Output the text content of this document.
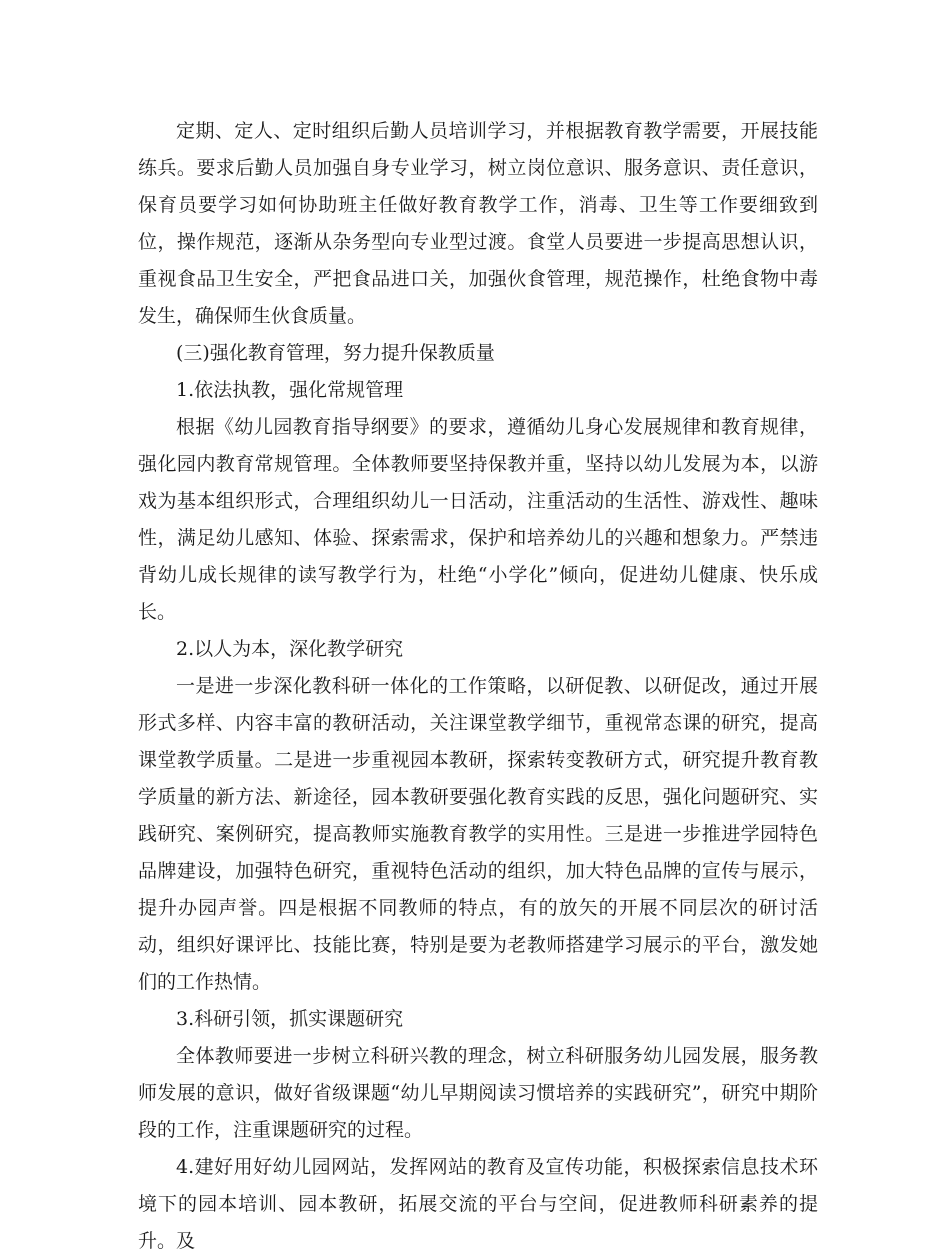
定期、定人、定时组织后勤人员培训学习，并根据教育教学需要，开展技能练兵。要求后勤人员加强自身专业学习，树立岗位意识、服务意识、责任意识，保育员要学习如何协助班主任做好教育教学工作，消毒、卫生等工作要细致到位，操作规范，逐渐从杂务型向专业型过渡。食堂人员要进一步提高思想认识，重视食品卫生安全，严把食品进口关，加强伙食管理，规范操作，杜绝食物中毒发生，确保师生伙食质量。

(三)强化教育管理，努力提升保教质量

1.依法执教，强化常规管理

根据《幼儿园教育指导纲要》的要求，遵循幼儿身心发展规律和教育规律，强化园内教育常规管理。全体教师要坚持保教并重，坚持以幼儿发展为本，以游戏为基本组织形式，合理组织幼儿一日活动，注重活动的生活性、游戏性、趣味性，满足幼儿感知、体验、探索需求，保护和培养幼儿的兴趣和想象力。严禁违背幼儿成长规律的读写教学行为，杜绝“小学化”倾向，促进幼儿健康、快乐成长。

2.以人为本，深化教学研究

一是进一步深化教科研一体化的工作策略，以研促教、以研促改，通过开展形式多样、内容丰富的教研活动，关注课堂教学细节，重视常态课的研究，提高课堂教学质量。二是进一步重视园本教研，探索转变教研方式，研究提升教育教学质量的新方法、新途径，园本教研要强化教育实践的反思，强化问题研究、实践研究、案例研究，提高教师实施教育教学的实用性。三是进一步推进学园特色品牌建设，加强特色研究，重视特色活动的组织，加大特色品牌的宣传与展示，提升办园声誉。四是根据不同教师的特点，有的放矢的开展不同层次的研讨活动，组织好课评比、技能比赛，特别是要为老教师搭建学习展示的平台，激发她们的工作热情。

3.科研引领，抓实课题研究

全体教师要进一步树立科研兴教的理念，树立科研服务幼儿园发展，服务教师发展的意识，做好省级课题“幼儿早期阅读习惯培养的实践研究”，研究中期阶段的工作，注重课题研究的过程。

4.建好用好幼儿园网站，发挥网站的教育及宣传功能，积极探索信息技术环境下的园本培训、园本教研，拓展交流的平台与空间，促进教师科研素养的提升。及
